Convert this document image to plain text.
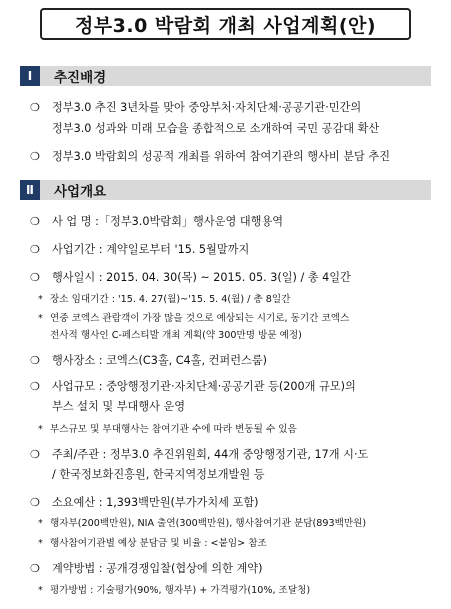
정부3.0 박람회 개최 사업계획(안)
Ⅰ	추진배경
❍	정부3.0 추진 3년차를 맞아 중앙부처·자치단체·공공기관·민간의
정부3.0 성과와 미래 모습을 종합적으로 소개하여 국민 공감대 확산
❍	정부3.0 박람회의 성공적 개최를 위하여 참여기관의 행사비 분담 추진
Ⅱ	사업개요
❍	사 업 명 :「정부3.0박람회」행사운영 대행용역
❍	사업기간 : 계약일로부터 '15. 5월말까지
❍	행사일시 : 2015. 04. 30(목) ~ 2015. 05. 3(일) / 총 4일간
* 장소 임대기간 : '15. 4. 27(월)~'15. 5. 4(월) / 총 8일간
* 연중 코엑스 관람객이 가장 많을 것으로 예상되는 시기로, 동기간 코엑스
전사적 행사인 C-페스티발 개최 계획(약 300만명 방문 예정)
❍	행사장소 : 코엑스(C3홀, C4홀, 컨퍼런스룸)
❍	사업규모 : 중앙행정기관·자치단체·공공기관 등(200개 규모)의
부스 설치 및 부대행사 운영
* 부스규모 및 부대행사는 참여기관 수에 따라 변동될 수 있음
❍	주최/주관 : 정부3.0 추진위원회, 44개 중앙행정기관, 17개 시·도
/ 한국정보화진흥원, 한국지역정보개발원 등
❍	소요예산 : 1,393백만원(부가가치세 포함)
* 행자부(200백만원), NIA 출연(300백만원), 행사참여기관 분담(893백만원)
* 행사참여기관별 예상 분담금 및 비율 : <붙임> 참조
❍	계약방법 : 공개경쟁입찰(협상에 의한 계약)
* 평가방법 : 기술평가(90%, 행자부) + 가격평가(10%, 조달청)
